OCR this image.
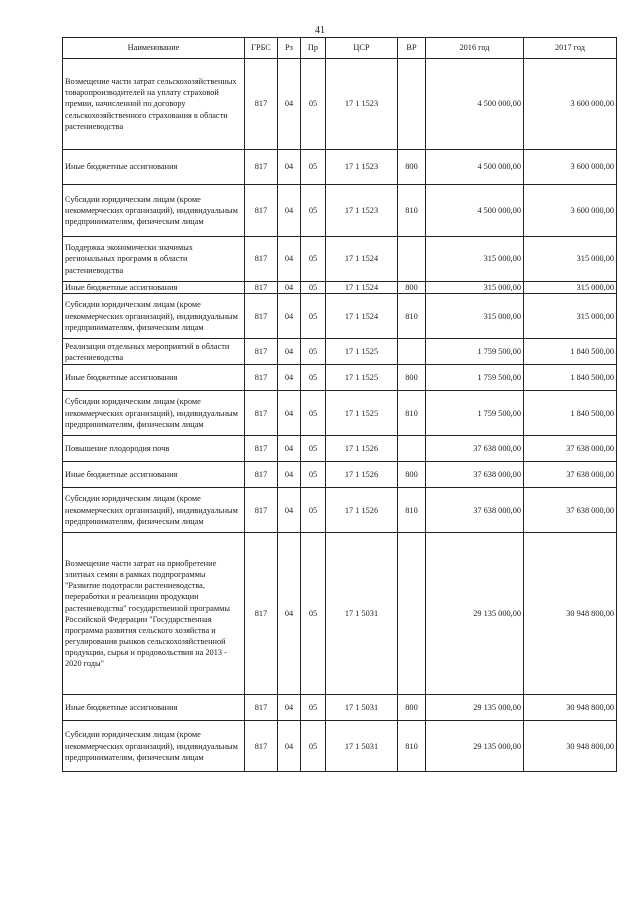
41
Наименование	ГРБС	Рз	Пр	ЦСР	ВР	2016 год	2017 год
Возмещение части затрат сельскохозяйственных товаропроизводителей на уплату страховой премии, начисленной по договору сельскохозяйственного страхования в области растениеводства	817	04	05	17 1 1523		4 500 000,00	3 600 000,00
Иные бюджетные ассигнования	817	04	05	17 1 1523	800	4 500 000,00	3 600 000,00
Субсидии юридическим лицам (кроме некоммерческих организаций), индивидуальным предпринимателям, физическим лицам	817	04	05	17 1 1523	810	4 500 000,00	3 600 000,00
Поддержка экономически значимых региональных программ в области растениеводства	817	04	05	17 1 1524		315 000,00	315 000,00
Иные бюджетные ассигнования	817	04	05	17 1 1524	800	315 000,00	315 000,00
Субсидии юридическим лицам (кроме некоммерческих организаций), индивидуальным предпринимателям, физическим лицам	817	04	05	17 1 1524	810	315 000,00	315 000,00
Реализация отдельных мероприятий в области растениеводства	817	04	05	17 1 1525		1 759 500,00	1 840 500,00
Иные бюджетные ассигнования	817	04	05	17 1 1525	800	1 759 500,00	1 840 500,00
Субсидии юридическим лицам (кроме некоммерческих организаций), индивидуальным предпринимателям, физическим лицам	817	04	05	17 1 1525	810	1 759 500,00	1 840 500,00
Повышение плодородия почв	817	04	05	17 1 1526		37 638 000,00	37 638 000,00
Иные бюджетные ассигнования	817	04	05	17 1 1526	800	37 638 000,00	37 638 000,00
Субсидии юридическим лицам (кроме некоммерческих организаций), индивидуальным предпринимателям, физическим лицам	817	04	05	17 1 1526	810	37 638 000,00	37 638 000,00
Возмещение части затрат на приобретение элитных семян в рамках подпрограммы "Развитие подотрасли растениеводства, переработки и реализации продукции растениеводства" государственной программы Российской Федерации "Государственная программа развития сельского хозяйства и регулирования рынков сельскохозяйственной продукции, сырья и продовольствия на 2013 - 2020 годы"	817	04	05	17 1 5031		29 135 000,00	30 948 800,00
Иные бюджетные ассигнования	817	04	05	17 1 5031	800	29 135 000,00	30 948 800,00
Субсидии юридическим лицам (кроме некоммерческих организаций), индивидуальным предпринимателям, физическим лицам	817	04	05	17 1 5031	810	29 135 000,00	30 948 800,00
